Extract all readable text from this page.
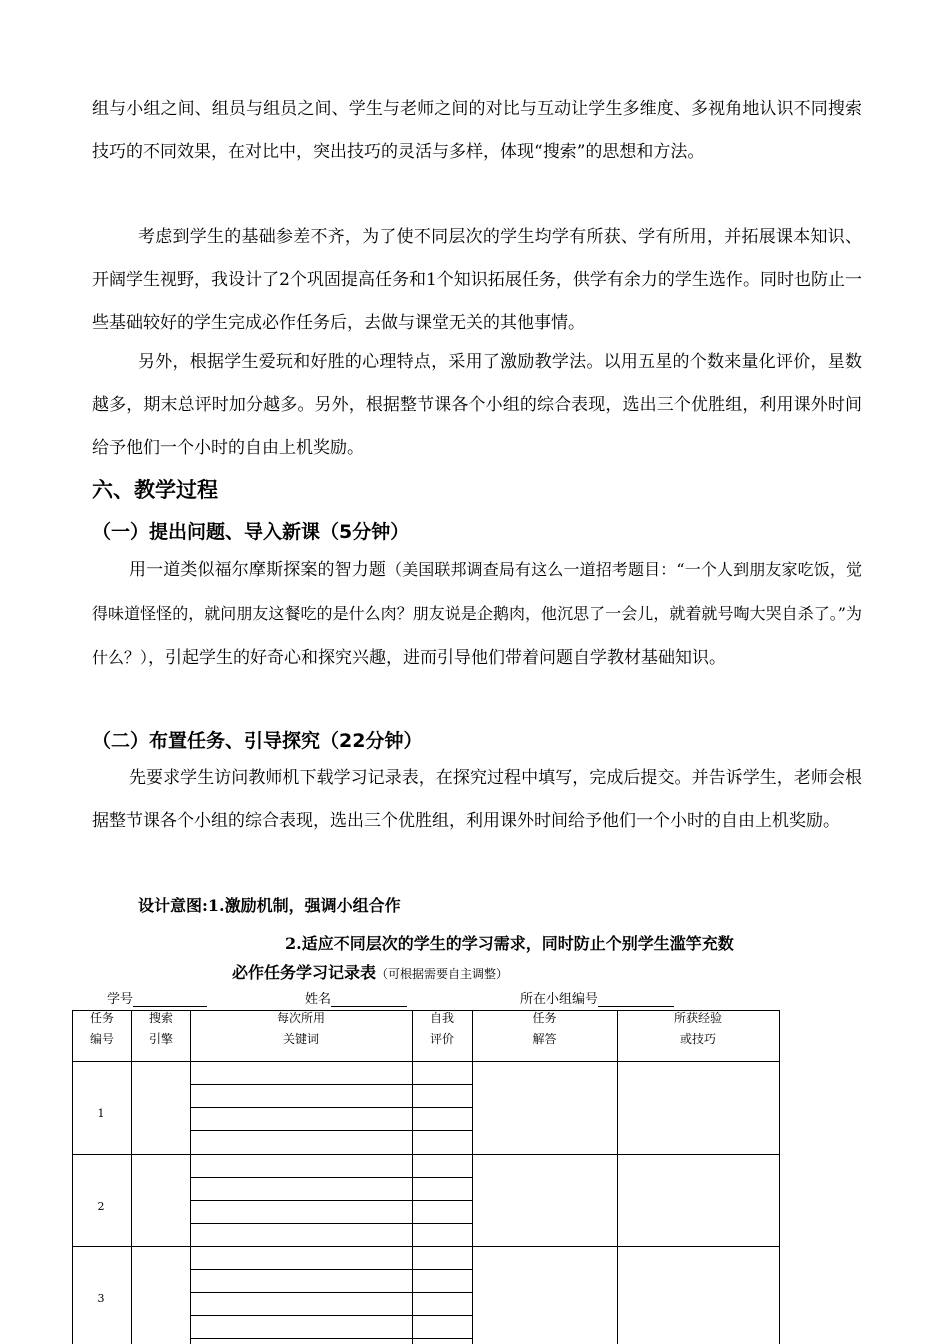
组与小组之间、组员与组员之间、学生与老师之间的对比与互动让学生多维度、多视角地认识不同搜索技巧的不同效果，在对比中，突出技巧的灵活与多样，体现“搜索”的思想和方法。

考虑到学生的基础参差不齐，为了使不同层次的学生均学有所获、学有所用，并拓展课本知识、开阔学生视野，我设计了2个巩固提高任务和1个知识拓展任务，供学有余力的学生选作。同时也防止一些基础较好的学生完成必作任务后，去做与课堂无关的其他事情。

另外，根据学生爱玩和好胜的心理特点，采用了激励教学法。以用五星的个数来量化评价，星数越多，期末总评时加分越多。另外，根据整节课各个小组的综合表现，选出三个优胜组，利用课外时间给予他们一个小时的自由上机奖励。

六、教学过程
（一）提出问题、导入新课（5分钟）

用一道类似福尔摩斯探案的智力题（美国联邦调查局有这么一道招考题目：“一个人到朋友家吃饭，觉得味道怪怪的，就问朋友这餐吃的是什么肉？朋友说是企鹅肉，他沉思了一会儿，就着就号啕大哭自杀了。”为什么？），引起学生的好奇心和探究兴趣，进而引导他们带着问题自学教材基础知识。

（二）布置任务、引导探究（22分钟）

先要求学生访问教师机下载学习记录表，在探究过程中填写，完成后提交。并告诉学生，老师会根据整节课各个小组的综合表现，选出三个优胜组，利用课外时间给予他们一个小时的自由上机奖励。

设计意图:1.激励机制，强调小组合作
2.适应不同层次的学生的学习需求，同时防止个别学生滥竽充数
必作任务学习记录表（可根据需要自主调整）
学号	姓名	所在小组编号
任务
编号
搜索
引擎
每次所用
关键词
自我
评价
任务
解答
所获经验
或技巧
1
2
3
